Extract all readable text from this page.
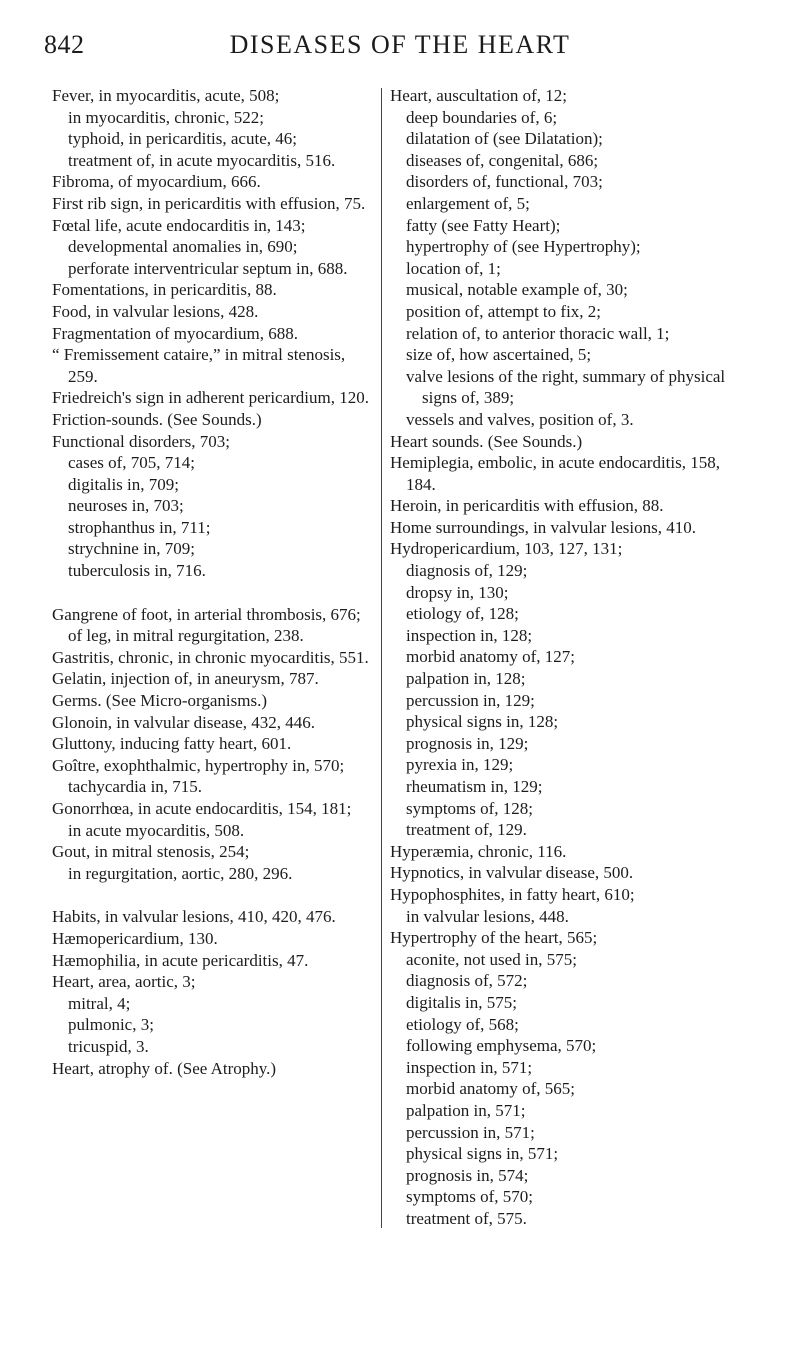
DISEASES OF THE HEART
842

Fever, in myocarditis, acute, 508;

in myocarditis, chronic, 522;

typhoid, in pericarditis, acute, 46;

treatment of, in acute myocarditis, 516.

Fibroma, of myocardium, 666.

First rib sign, in pericarditis with effusion, 75.

Fœtal life, acute endocarditis in, 143;

developmental anomalies in, 690;

perforate interventricular septum in, 688.

Fomentations, in pericarditis, 88.

Food, in valvular lesions, 428.

Fragmentation of myocardium, 688.

“ Fremissement cataire,” in mitral stenosis, 259.

Friedreich's sign in adherent pericardium, 120.

Friction-sounds. (See Sounds.)

Functional disorders, 703;

cases of, 705, 714;

digitalis in, 709;

neuroses in, 703;

strophanthus in, 711;

strychnine in, 709;

tuberculosis in, 716.

Gangrene of foot, in arterial thrombosis, 676;

of leg, in mitral regurgitation, 238.

Gastritis, chronic, in chronic myocarditis, 551.

Gelatin, injection of, in aneurysm, 787.

Germs. (See Micro-organisms.)

Glonoin, in valvular disease, 432, 446.

Gluttony, inducing fatty heart, 601.

Goître, exophthalmic, hypertrophy in, 570;

tachycardia in, 715.

Gonorrhœa, in acute endocarditis, 154, 181;

in acute myocarditis, 508.

Gout, in mitral stenosis, 254;

in regurgitation, aortic, 280, 296.

Habits, in valvular lesions, 410, 420, 476.

Hæmopericardium, 130.

Hæmophilia, in acute pericarditis, 47.

Heart, area, aortic, 3;

mitral, 4;

pulmonic, 3;

tricuspid, 3.

Heart, atrophy of. (See Atrophy.)

Heart, auscultation of, 12;

deep boundaries of, 6;

dilatation of (see Dilatation);

diseases of, congenital, 686;

disorders of, functional, 703;

enlargement of, 5;

fatty (see Fatty Heart);

hypertrophy of (see Hypertrophy);

location of, 1;

musical, notable example of, 30;

position of, attempt to fix, 2;

relation of, to anterior thoracic wall, 1;

size of, how ascertained, 5;

valve lesions of the right, summary of physical signs of, 389;

vessels and valves, position of, 3.

Heart sounds. (See Sounds.)

Hemiplegia, embolic, in acute endocarditis, 158, 184.

Heroin, in pericarditis with effusion, 88.

Home surroundings, in valvular lesions, 410.

Hydropericardium, 103, 127, 131;

diagnosis of, 129;

dropsy in, 130;

etiology of, 128;

inspection in, 128;

morbid anatomy of, 127;

palpation in, 128;

percussion in, 129;

physical signs in, 128;

prognosis in, 129;

pyrexia in, 129;

rheumatism in, 129;

symptoms of, 128;

treatment of, 129.

Hyperæmia, chronic, 116.

Hypnotics, in valvular disease, 500.

Hypophosphites, in fatty heart, 610;

in valvular lesions, 448.

Hypertrophy of the heart, 565;

aconite, not used in, 575;

diagnosis of, 572;

digitalis in, 575;

etiology of, 568;

following emphysema, 570;

inspection in, 571;

morbid anatomy of, 565;

palpation in, 571;

percussion in, 571;

physical signs in, 571;

prognosis in, 574;

symptoms of, 570;

treatment of, 575.
